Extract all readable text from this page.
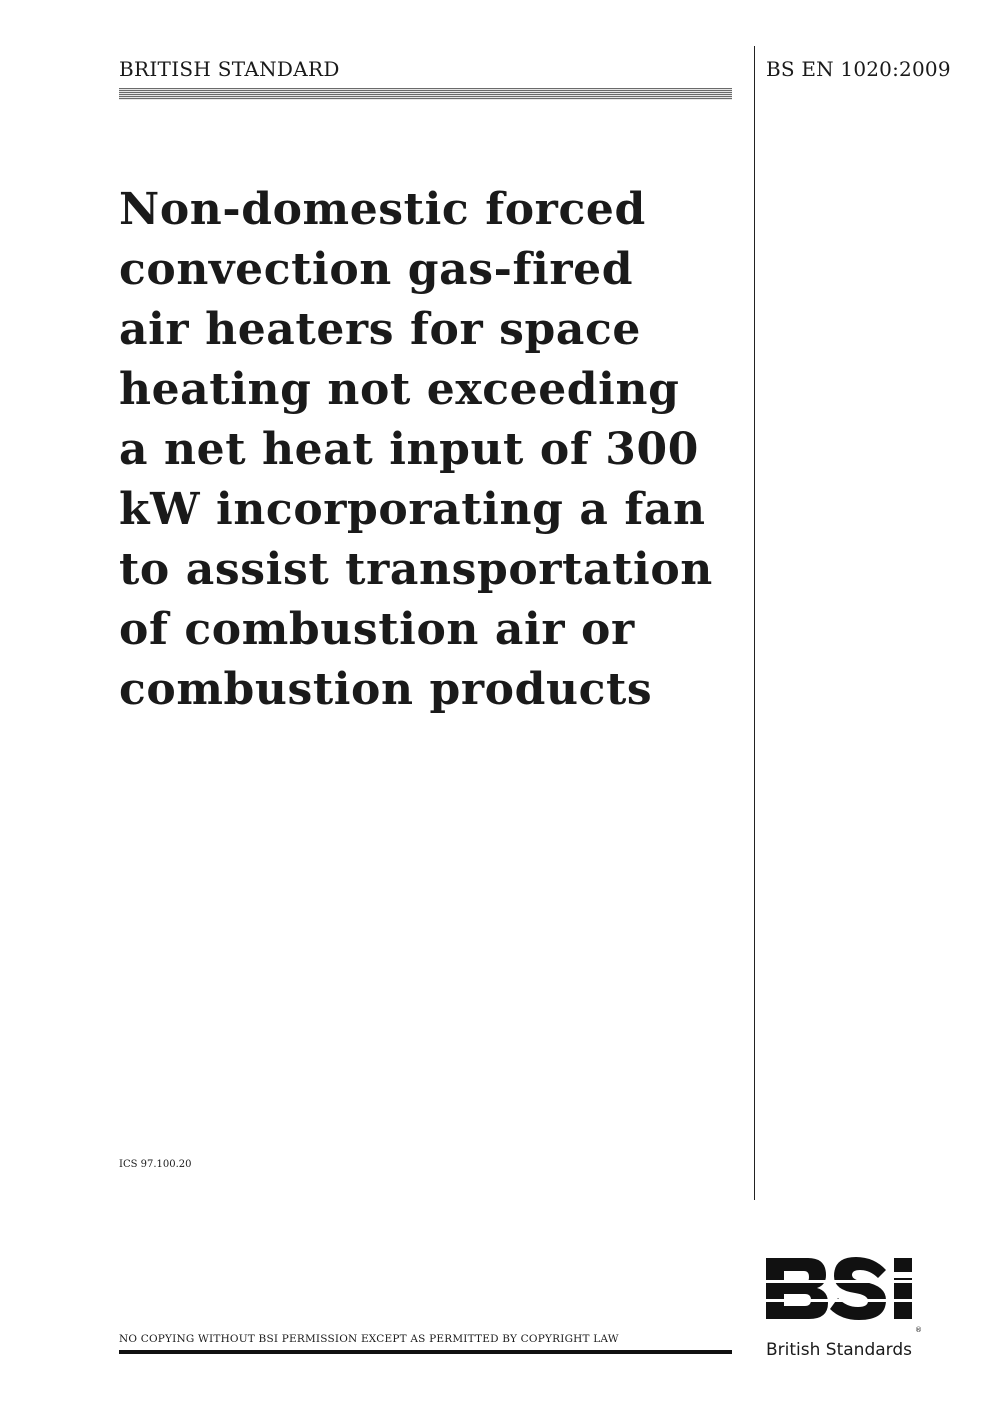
BRITISH STANDARD	BS EN 1020:2009
Non-domestic forced
convection gas-fired
air heaters for space
heating not exceeding
a net heat input of 300
kW incorporating a fan
to assist transportation
of combustion air or
combustion products
ICS 97.100.20
NO COPYING WITHOUT BSI PERMISSION EXCEPT AS PERMITTED BY COPYRIGHT LAW
®
British Standards
